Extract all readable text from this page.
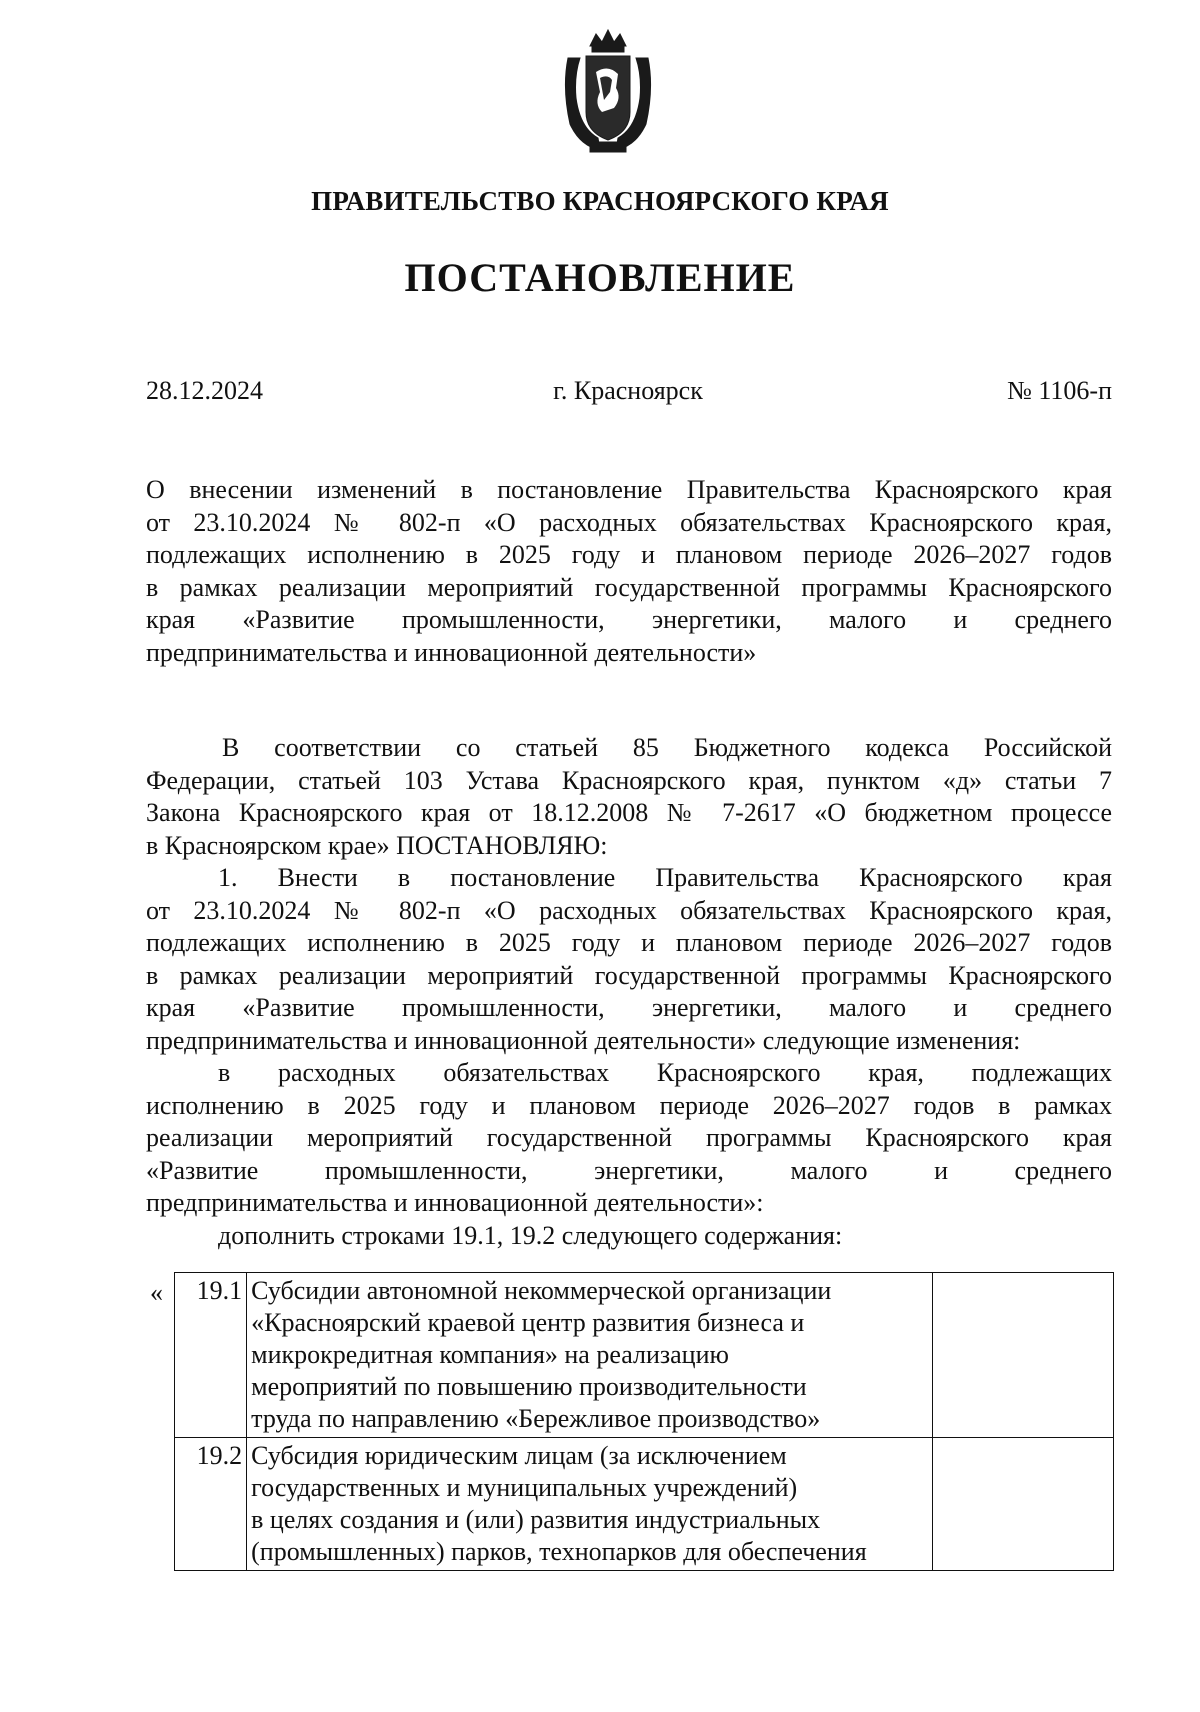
ПРАВИТЕЛЬСТВО КРАСНОЯРСКОГО КРАЯ
ПОСТАНОВЛЕНИЕ
28.12.2024	г. Красноярск	№ 1106-п
О внесении изменений в постановление Правительства Красноярского края
от 23.10.2024 № 802-п «О расходных обязательствах Красноярского края,
подлежащих исполнению в 2025 году и плановом периоде 2026–2027 годов
в рамках реализации мероприятий государственной программы Красноярского
края «Развитие промышленности, энергетики, малого и среднего
предпринимательства и инновационной деятельности»
В соответствии со статьей 85 Бюджетного кодекса Российской
Федерации, статьей 103 Устава Красноярского края, пунктом «д» статьи 7
Закона Красноярского края от 18.12.2008 № 7-2617 «О бюджетном процессе
в Красноярском крае» ПОСТАНОВЛЯЮ:
1. Внести в постановление Правительства Красноярского края
от 23.10.2024 № 802-п «О расходных обязательствах Красноярского края,
подлежащих исполнению в 2025 году и плановом периоде 2026–2027 годов
в рамках реализации мероприятий государственной программы Красноярского
края «Развитие промышленности, энергетики, малого и среднего
предпринимательства и инновационной деятельности» следующие изменения:
в расходных обязательствах Красноярского края, подлежащих
исполнению в 2025 году и плановом периоде 2026–2027 годов в рамках
реализации мероприятий государственной программы Красноярского края
«Развитие промышленности, энергетики, малого и среднего
предпринимательства и инновационной деятельности»:
дополнить строками 19.1, 19.2 следующего содержания:
« 19.1	Субсидии автономной некоммерческой организации
«Красноярский краевой центр развития бизнеса и
микрокредитная компания» на реализацию
мероприятий по повышению производительности
труда по направлению «Бережливое производство»	

19.2	Субсидия юридическим лицам (за исключением
государственных и муниципальных учреждений)
в целях создания и (или) развития индустриальных
(промышленных) парков, технопарков для обеспечения	
